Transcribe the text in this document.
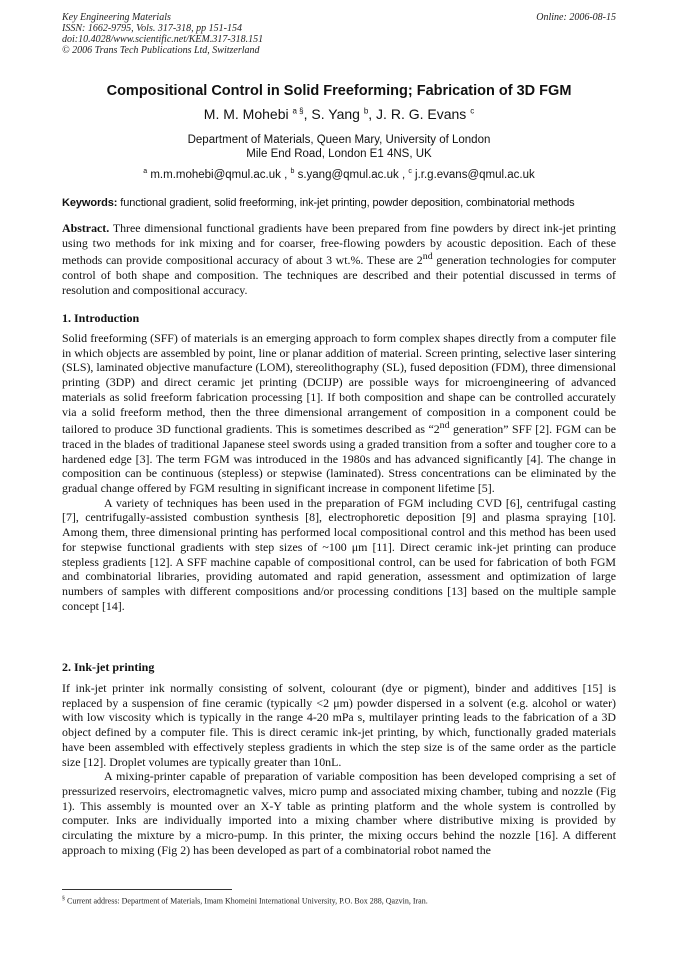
Key Engineering Materials
ISSN: 1662-9795, Vols. 317-318, pp 151-154
doi:10.4028/www.scientific.net/KEM.317-318.151
© 2006 Trans Tech Publications Ltd, Switzerland
Online: 2006-08-15
Compositional Control in Solid Freeforming; Fabrication of 3D FGM
M. M. Mohebi $^{a \S}$, S. Yang $^b$, J. R. G. Evans $^c$
Department of Materials, Queen Mary, University of London
Mile End Road, London E1 4NS, UK
$^a$ m.m.mohebi@qmul.ac.uk , $^b$ s.yang@qmul.ac.uk , $^c$ j.r.g.evans@qmul.ac.uk
Keywords: functional gradient, solid freeforming, ink-jet printing, powder deposition, combinatorial methods
Abstract. Three dimensional functional gradients have been prepared from fine powders by direct ink-jet printing using two methods for ink mixing and for coarser, free-flowing powders by acoustic deposition. Each of these methods can provide compositional accuracy of about 3 wt.%. These are 2nd generation technologies for computer control of both shape and composition. The techniques are described and their potential discussed in terms of resolution and compositional accuracy.
1. Introduction

Solid freeforming (SFF) of materials is an emerging approach to form complex shapes directly from a computer file in which objects are assembled by point, line or planar addition of material. Screen printing, selective laser sintering (SLS), laminated objective manufacture (LOM), stereolithography (SL), fused deposition (FDM), three dimensional printing (3DP) and direct ceramic jet printing (DCIJP) are possible ways for microengineering of advanced materials as solid freeform fabrication processing [1]. If both composition and shape can be controlled accurately via a solid freeform method, then the three dimensional arrangement of composition in a component could be tailored to produce 3D functional gradients. This is sometimes described as “2nd generation” SFF [2]. FGM can be traced in the blades of traditional Japanese steel swords using a graded transition from a softer and tougher core to a hardened edge [3]. The term FGM was introduced in the 1980s and has advanced significantly [4]. The change in composition can be continuous (stepless) or stepwise (laminated). Stress concentrations can be eliminated by the gradual change offered by FGM resulting in significant increase in component lifetime [5].

A variety of techniques has been used in the preparation of FGM including CVD [6], centrifugal casting [7], centrifugally-assisted combustion synthesis [8], electrophoretic deposition [9] and plasma spraying [10]. Among them, three dimensional printing has performed local compositional control and this method has been used for stepwise functional gradients with step sizes of ~100 μm [11]. Direct ceramic ink-jet printing can produce stepless gradients [12]. A SFF machine capable of compositional control, can be used for fabrication of both FGM and combinatorial libraries, providing automated and rapid generation, assessment and optimization of large numbers of samples with different compositions and/or processing conditions [13] based on the multiple sample concept [14].

2. Ink-jet printing

If ink-jet printer ink normally consisting of solvent, colourant (dye or pigment), binder and additives [15] is replaced by a suspension of fine ceramic (typically <2 μm) powder dispersed in a solvent (e.g. alcohol or water) with low viscosity which is typically in the range 4-20 mPa s, multilayer printing leads to the fabrication of a 3D object defined by a computer file. This is direct ceramic ink-jet printing, by which, functionally graded materials have been assembled with effectively stepless gradients in which the step size is of the same order as the particle size [12]. Droplet volumes are typically greater than 10nL.

A mixing-printer capable of preparation of variable composition has been developed comprising a set of pressurized reservoirs, electromagnetic valves, micro pump and associated mixing chamber, tubing and nozzle (Fig 1). This assembly is mounted over an X-Y table as printing platform and the whole system is controlled by computer. Inks are individually imported into a mixing chamber where distributive mixing is provided by circulating the mixture by a micro-pump. In this printer, the mixing occurs behind the nozzle [16]. A different approach to mixing (Fig 2) has been developed as part of a combinatorial robot named the

§ Current address: Department of Materials, Imam Khomeini International University, P.O. Box 288, Qazvin, Iran.
